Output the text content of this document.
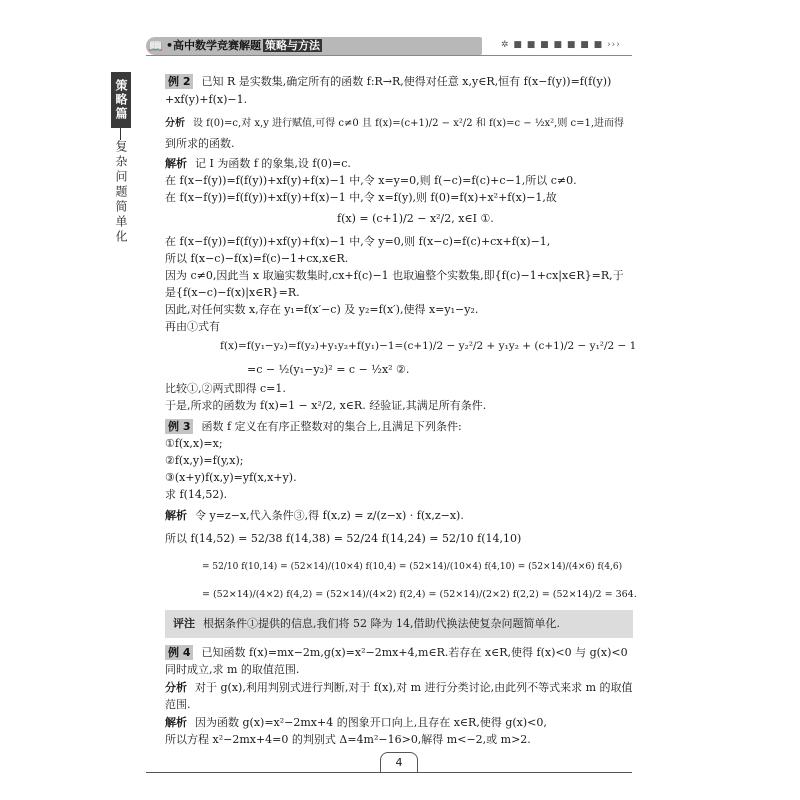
📖 •高中数学竞赛解题 策略与方法	✲ ■ ■ ■ ■ ■ ■ ■ ›››
策略篇
复杂问题简单化
例 2 已知 R 是实数集,确定所有的函数 f:R→R,使得对任意 x,y∈R,恒有 f(x−f(y))=f(f(y))
+xf(y)+f(x)−1.
分析 设 f(0)=c,对 x,y 进行赋值,可得 c≠0 且 f(x)=(c+1)/2 − x²/2 和 f(x)=c − ½x²,则 c=1,进而得
到所求的函数.
解析 记 I 为函数 f 的象集,设 f(0)=c.
在 f(x−f(y))=f(f(y))+xf(y)+f(x)−1 中,令 x=y=0,则 f(−c)=f(c)+c−1,所以 c≠0.
在 f(x−f(y))=f(f(y))+xf(y)+f(x)−1 中,令 x=f(y),则 f(0)=f(x)+x²+f(x)−1,故
f(x) = (c+1)/2 − x²/2, x∈I ①.
在 f(x−f(y))=f(f(y))+xf(y)+f(x)−1 中,令 y=0,则 f(x−c)=f(c)+cx+f(x)−1,
所以 f(x−c)−f(x)=f(c)−1+cx,x∈R.
因为 c≠0,因此当 x 取遍实数集时,cx+f(c)−1 也取遍整个实数集,即{f(c)−1+cx|x∈R}=R,于
是{f(x−c)−f(x)|x∈R}=R.
因此,对任何实数 x,存在 y₁=f(x′−c) 及 y₂=f(x′),使得 x=y₁−y₂.
再由①式有
f(x)=f(y₁−y₂)=f(y₂)+y₁y₂+f(y₁)−1=(c+1)/2 − y₂²/2 + y₁y₂ + (c+1)/2 − y₁²/2 − 1
=c − ½(y₁−y₂)² = c − ½x² ②.
比较①,②两式即得 c=1.
于是,所求的函数为 f(x)=1 − x²/2, x∈R. 经验证,其满足所有条件.
例 3 函数 f 定义在有序正整数对的集合上,且满足下列条件:
①f(x,x)=x;
②f(x,y)=f(y,x);
③(x+y)f(x,y)=yf(x,x+y).
求 f(14,52).
解析 令 y=z−x,代入条件③,得 f(x,z) = z/(z−x) · f(x,z−x).
所以 f(14,52) = 52/38 f(14,38) = 52/24 f(14,24) = 52/10 f(14,10)
= 52/10 f(10,14) = (52×14)/(10×4) f(10,4) = (52×14)/(10×4) f(4,10) = (52×14)/(4×6) f(4,6)
= (52×14)/(4×2) f(4,2) = (52×14)/(4×2) f(2,4) = (52×14)/(2×2) f(2,2) = (52×14)/2 = 364.
评注 根据条件①提供的信息,我们将 52 降为 14,借助代换法使复杂问题简单化.
例 4 已知函数 f(x)=mx−2m,g(x)=x²−2mx+4,m∈R.若存在 x∈R,使得 f(x)<0 与 g(x)<0
同时成立,求 m 的取值范围.
分析 对于 g(x),利用判别式进行判断,对于 f(x),对 m 进行分类讨论,由此列不等式来求 m 的取值
范围.
解析 因为函数 g(x)=x²−2mx+4 的图象开口向上,且存在 x∈R,使得 g(x)<0,
所以方程 x²−2mx+4=0 的判别式 Δ=4m²−16>0,解得 m<−2,或 m>2.
4
